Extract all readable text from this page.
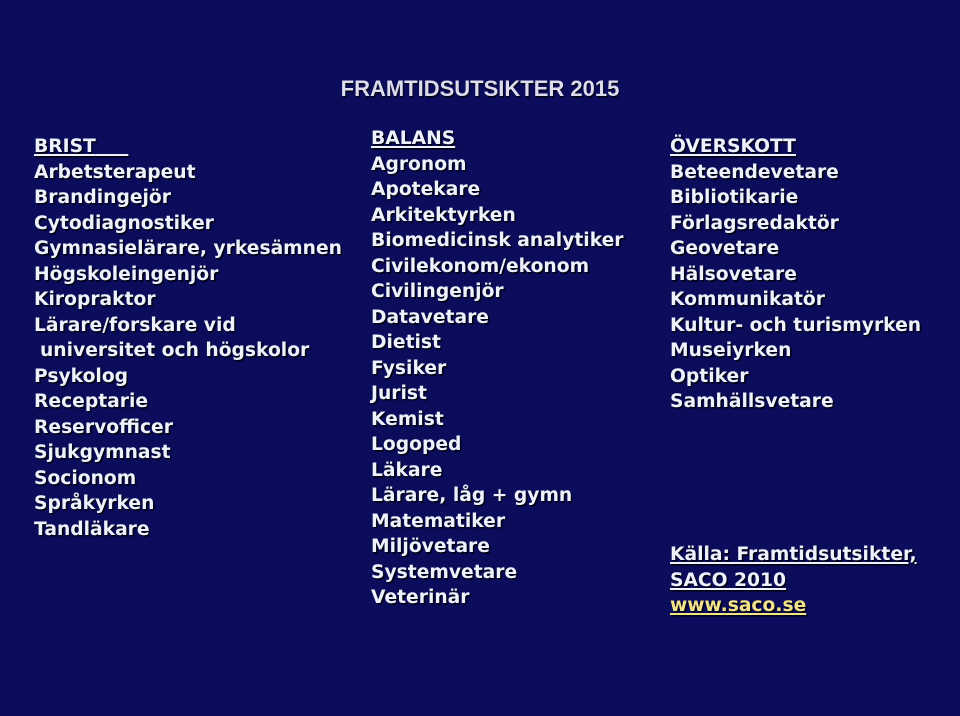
FRAMTIDSUTSIKTER 2015
BRIST
Arbetsterapeut
Brandingejör
Cytodiagnostiker
Gymnasielärare, yrkesämnen
Högskoleingenjör
Kiropraktor
Lärare/forskare vid
universitet och högskolor
Psykolog
Receptarie
Reservofficer
Sjukgymnast
Socionom
Språkyrken
Tandläkare
BALANS
Agronom
Apotekare
Arkitektyrken
Biomedicinsk analytiker
Civilekonom/ekonom
Civilingenjör
Datavetare
Dietist
Fysiker
Jurist
Kemist
Logoped
Läkare
Lärare, låg + gymn
Matematiker
Miljövetare
Systemvetare
Veterinär
ÖVERSKOTT
Beteendevetare
Bibliotikarie
Förlagsredaktör
Geovetare
Hälsovetare
Kommunikatör
Kultur- och turismyrken
Museiyrken
Optiker
Samhällsvetare
Källa: Framtidsutsikter,
SACO 2010
www.saco.se
